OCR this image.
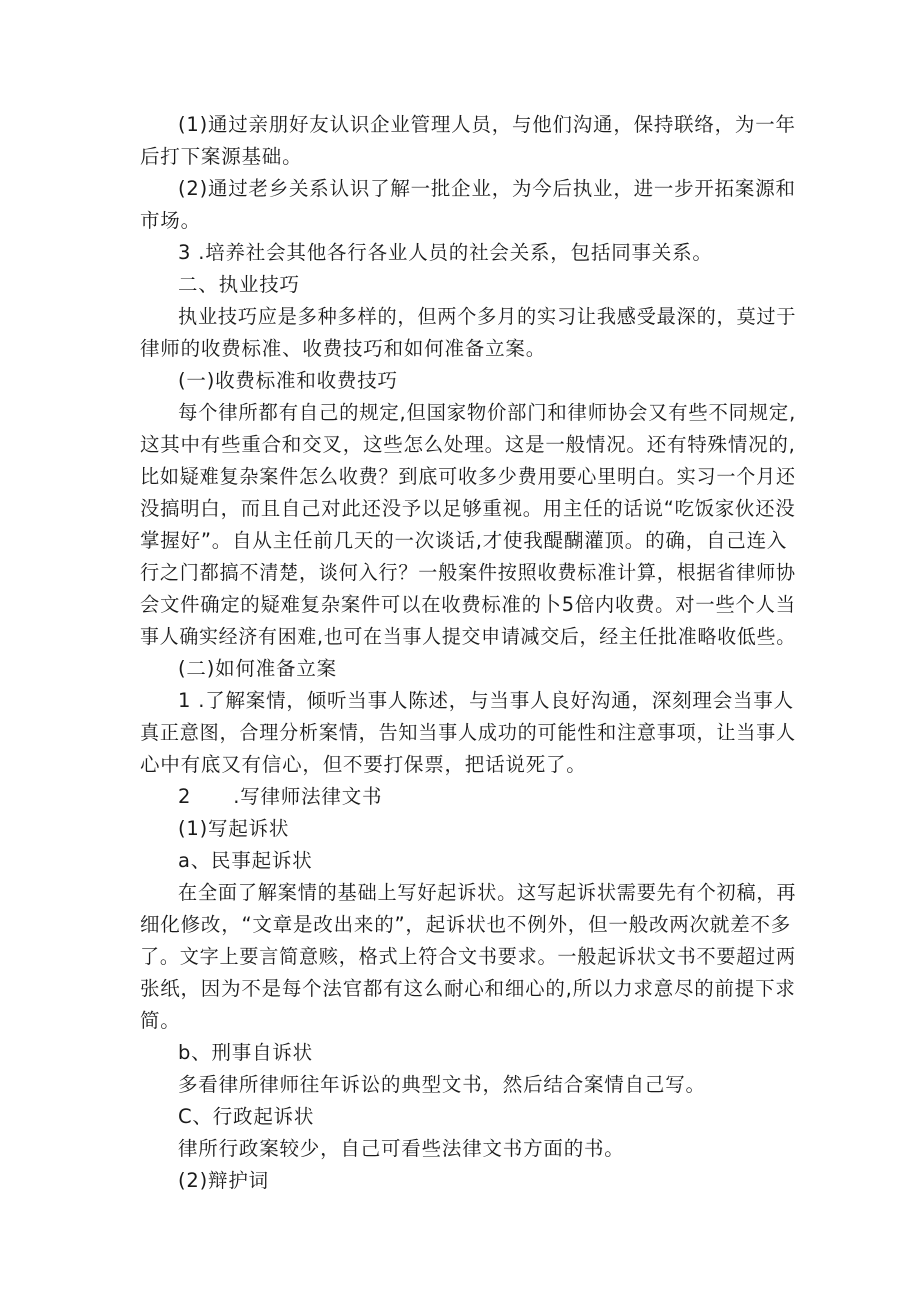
(1)通过亲朋好友认识企业管理人员，与他们沟通，保持联络，为一年
后打下案源基础。
(2)通过老乡关系认识了解一批企业，为今后执业，进一步开拓案源和
市场。
3 .培养社会其他各行各业人员的社会关系，包括同事关系。
二、执业技巧
执业技巧应是多种多样的，但两个多月的实习让我感受最深的，莫过于
律师的收费标准、收费技巧和如何准备立案。
(一)收费标准和收费技巧
每个律所都有自己的规定,但国家物价部门和律师协会又有些不同规定,
这其中有些重合和交叉，这些怎么处理。这是一般情况。还有特殊情况的,
比如疑难复杂案件怎么收费？到底可收多少费用要心里明白。实习一个月还
没搞明白，而且自己对此还没予以足够重视。用主任的话说“吃饭家伙还没
掌握好”。自从主任前几天的一次谈话,才使我醍醐灌顶。的确，自己连入
行之门都搞不清楚，谈何入行？一般案件按照收费标准计算，根据省律师协
会文件确定的疑难复杂案件可以在收费标准的卜5倍内收费。对一些个人当
事人确实经济有困难,也可在当事人提交申请减交后，经主任批准略收低些。
(二)如何准备立案
1 .了解案情，倾听当事人陈述，与当事人良好沟通，深刻理会当事人
真正意图，合理分析案情，告知当事人成功的可能性和注意事项，让当事人
心中有底又有信心，但不要打保票，把话说死了。
2      .写律师法律文书
(1)写起诉状
a、民事起诉状
在全面了解案情的基础上写好起诉状。这写起诉状需要先有个初稿，再
细化修改，“文章是改出来的”，起诉状也不例外，但一般改两次就差不多
了。文字上要言简意赅，格式上符合文书要求。一般起诉状文书不要超过两
张纸，因为不是每个法官都有这么耐心和细心的,所以力求意尽的前提下求
简。
b、刑事自诉状
多看律所律师往年诉讼的典型文书，然后结合案情自己写。
C、行政起诉状
律所行政案较少，自己可看些法律文书方面的书。
(2)辩护词
